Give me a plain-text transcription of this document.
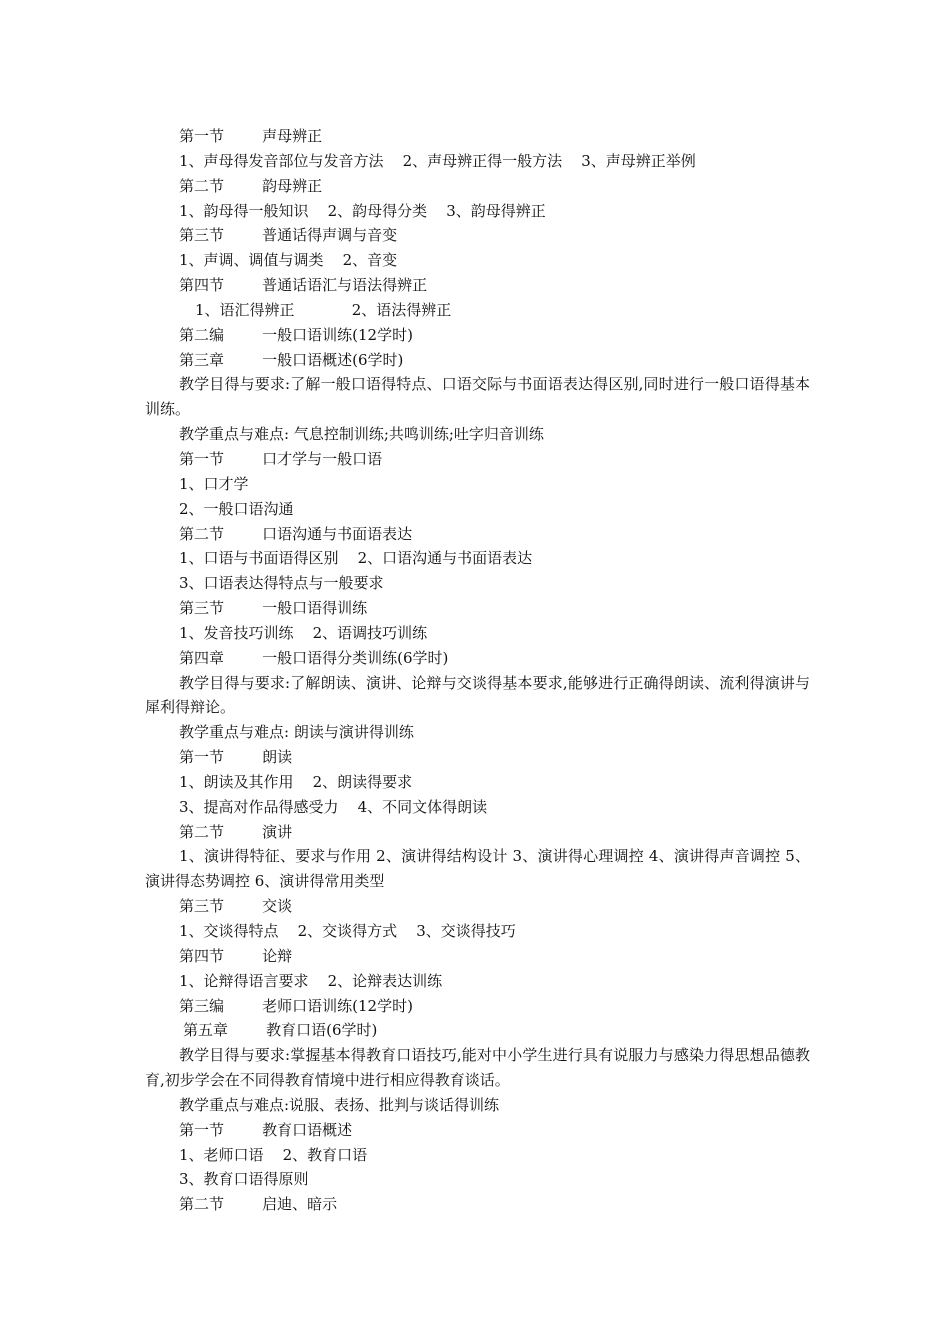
第一节        声母辨正
1、声母得发音部位与发音方法    2、声母辨正得一般方法    3、声母辨正举例
第二节        韵母辨正
1、韵母得一般知识    2、韵母得分类    3、韵母得辨正
第三节        普通话得声调与音变
1、声调、调值与调类    2、音变
第四节        普通话语汇与语法得辨正
1、语汇得辨正            2、语法得辨正
第二编        一般口语训练(12学时)
第三章        一般口语概述(6学时)
教学目得与要求:了解一般口语得特点、口语交际与书面语表达得区别,同时进行一般口语得基本训练。
教学重点与难点: 气息控制训练;共鸣训练;吐字归音训练
第一节        口才学与一般口语
1、口才学
2、一般口语沟通
第二节        口语沟通与书面语表达
1、口语与书面语得区别    2、口语沟通与书面语表达
3、口语表达得特点与一般要求
第三节        一般口语得训练
1、发音技巧训练    2、语调技巧训练
第四章        一般口语得分类训练(6学时)
教学目得与要求:了解朗读、演讲、论辩与交谈得基本要求,能够进行正确得朗读、流利得演讲与犀利得辩论。
教学重点与难点: 朗读与演讲得训练
第一节        朗读
1、朗读及其作用    2、朗读得要求
3、提高对作品得感受力    4、不同文体得朗读
第二节        演讲
1、演讲得特征、要求与作用 2、演讲得结构设计 3、演讲得心理调控 4、演讲得声音调控 5、演讲得态势调控 6、演讲得常用类型
第三节        交谈
1、交谈得特点    2、交谈得方式    3、交谈得技巧
第四节        论辩
1、论辩得语言要求    2、论辩表达训练
第三编        老师口语训练(12学时)
第五章        教育口语(6学时)
教学目得与要求:掌握基本得教育口语技巧,能对中小学生进行具有说服力与感染力得思想品德教育,初步学会在不同得教育情境中进行相应得教育谈话。
教学重点与难点:说服、表扬、批判与谈话得训练
第一节        教育口语概述
1、老师口语    2、教育口语
3、教育口语得原则
第二节        启迪、暗示
